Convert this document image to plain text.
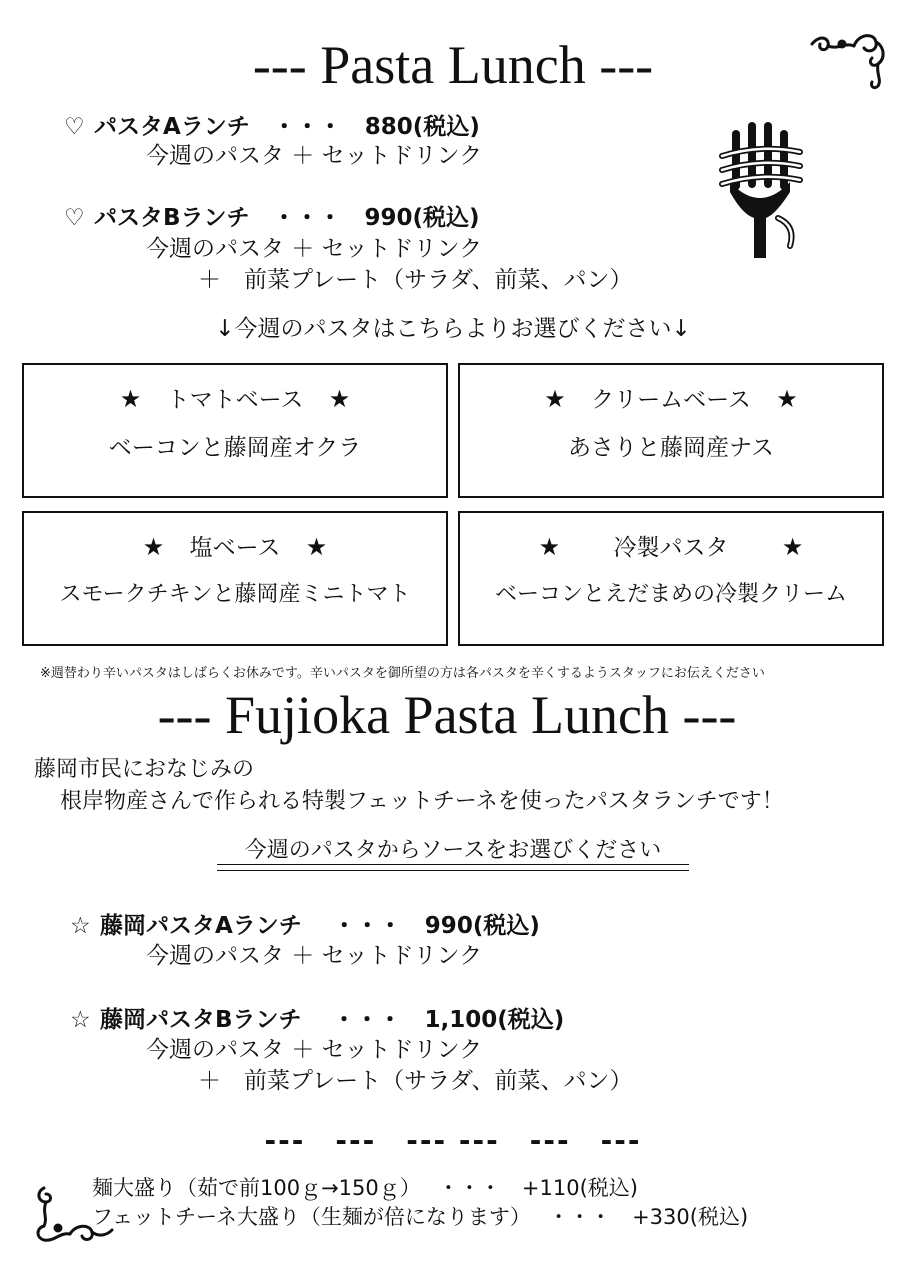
--- Pasta Lunch ---
♡ パスタAランチ　・・・　880(税込)
今週のパスタ ＋ セットドリンク
♡ パスタBランチ　・・・　990(税込)
今週のパスタ ＋ セットドリンク
＋　前菜プレート（サラダ、前菜、パン）
↓今週のパスタはこちらよりお選びください↓
★ トマトベース ★
ベーコンと藤岡産オクラ
★ クリームベース ★
あさりと藤岡産ナス
★ 塩ベース ★
スモークチキンと藤岡産ミニトマト
★ 冷製パスタ ★
ベーコンとえだまめの冷製クリーム
※週替わり辛いパスタはしばらくお休みです。辛いパスタを御所望の方は各パスタを辛くするようスタッフにお伝えください
--- Fujioka Pasta Lunch ---
藤岡市民におなじみの
根岸物産さんで作られる特製フェットチーネを使ったパスタランチです！
今週のパスタからソースをお選びください
☆ 藤岡パスタAランチ　 ・・・　990(税込)
今週のパスタ ＋ セットドリンク
☆ 藤岡パスタBランチ　 ・・・　1,100(税込)
今週のパスタ ＋ セットドリンク
＋　前菜プレート（サラダ、前菜、パン）
---　---　--- ---　---　---
麺大盛り（茹で前100ｇ→150ｇ）　 ・・・　+110(税込)
フェットチーネ大盛り（生麺が倍になります）　 ・・・　+330(税込)
